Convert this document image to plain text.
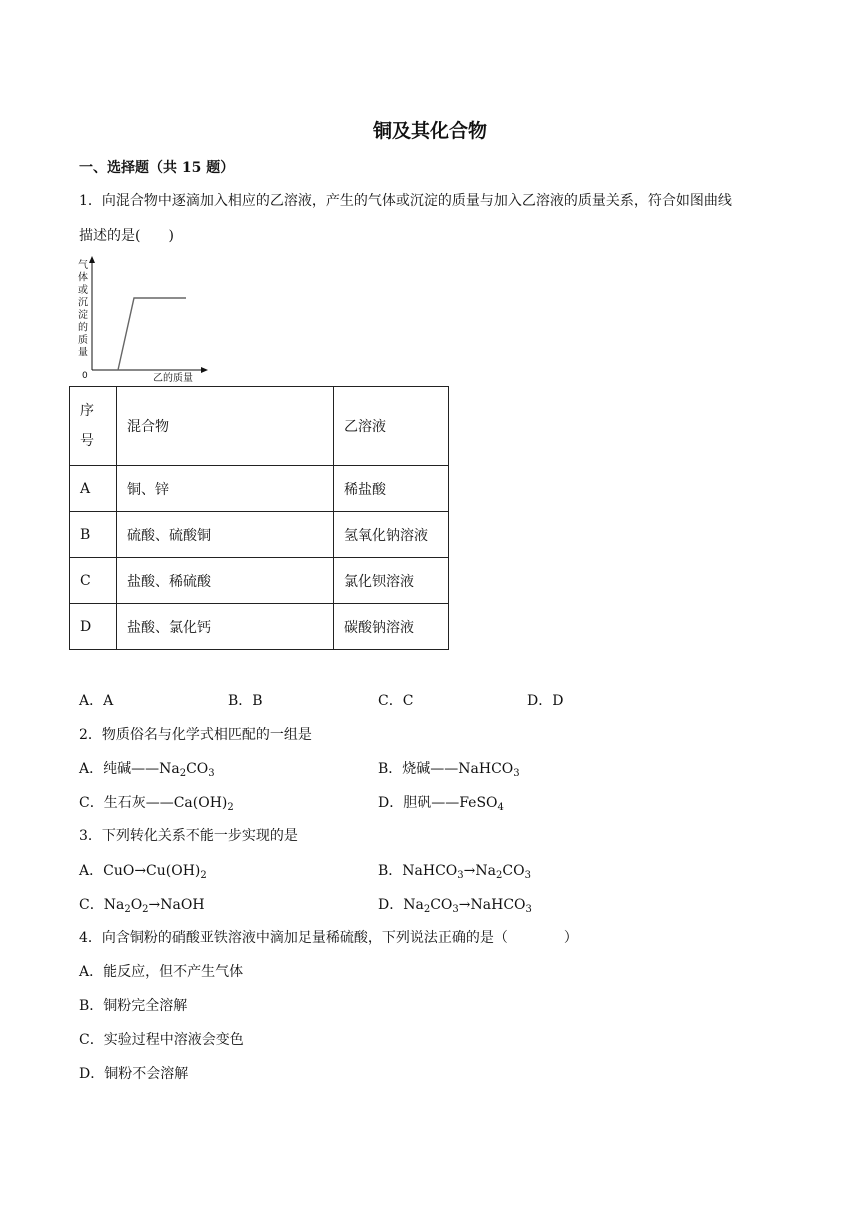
铜及其化合物
一、选择题（共 15 题）
1．向混合物中逐滴加入相应的乙溶液，产生的气体或沉淀的质量与加入乙溶液的质量关系，符合如图曲线
描述的是(　　)
0	乙的质量
气
体
或
沉
淀
的
质
量
序号	混合物	乙溶液
A	铜、锌	稀盐酸
B	硫酸、硫酸铜	氢氧化钠溶液
C	盐酸、稀硫酸	氯化钡溶液
D	盐酸、氯化钙	碳酸钠溶液
A．A	B．B	C．C	D．D
2．物质俗名与化学式相匹配的一组是
A．纯碱$——Na_2CO_3$	B．烧碱——NaHCO$_3$
C．生石灰$——Ca(OH)_2$	D．胆矾——FeSO$_4$
3．下列转化关系不能一步实现的是
A．$CuO\to Cu(OH)_2$	B．$NaHCO_3\to Na_2CO_3$
C．$Na_2O_2\to NaOH$	D．$Na_2CO_3\to NaHCO_3$
4．向含铜粉的硝酸亚铁溶液中滴加足量稀硫酸，下列说法正确的是（　　　　）
A．能反应，但不产生气体
B．铜粉完全溶解
C．实验过程中溶液会变色
D．铜粉不会溶解
